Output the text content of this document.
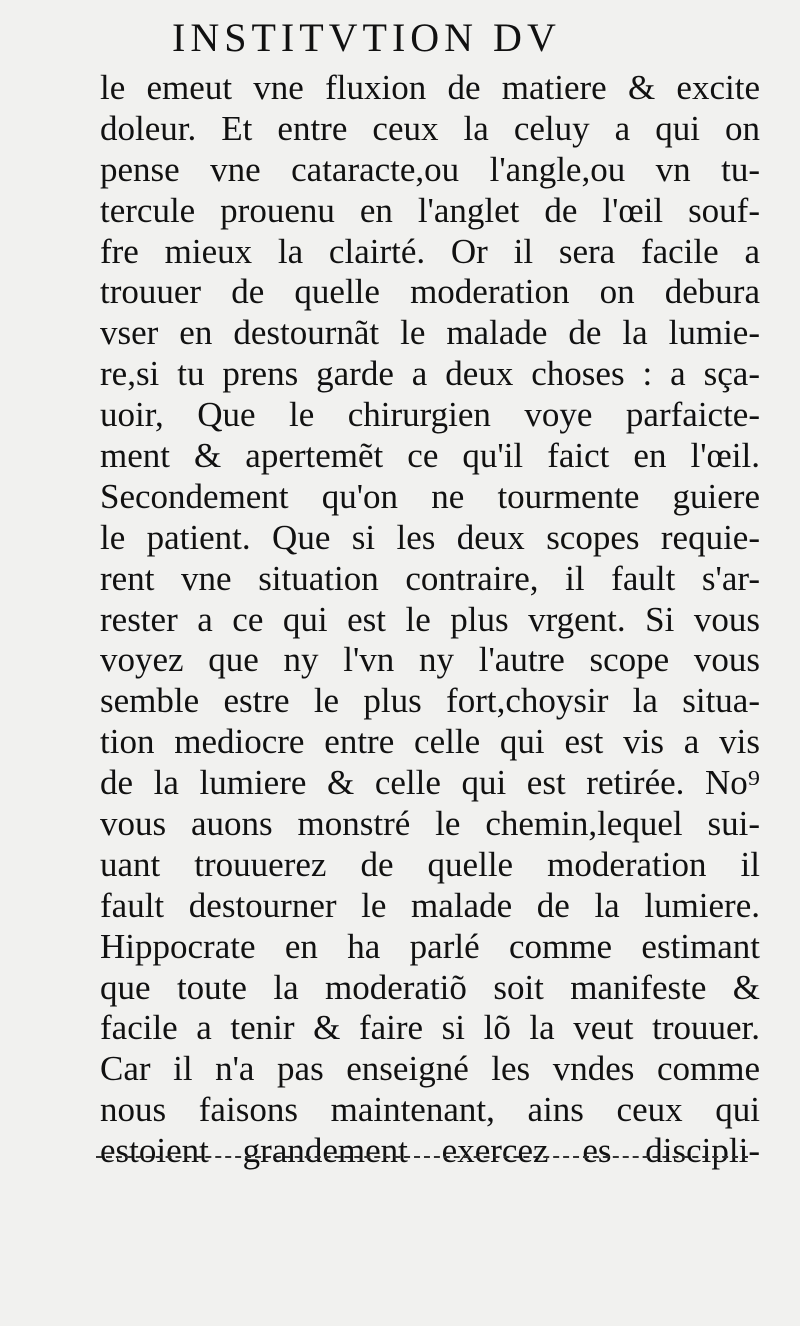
INSTITVTION DV
le emeut vne fluxion de matiere & excite
doleur. Et entre ceux la celuy a qui on
pense vne cataracte,ou l'angle,ou vn tu-
tercule prouenu en l'anglet de l'œil souf-
fre mieux la clairté. Or il sera facile a
trouuer de quelle moderation on debura
vser en destournãt le malade de la lumie-
re,si tu prens garde a deux choses : a sça-
uoir, Que le chirurgien voye parfaicte-
ment & apertemẽt ce qu'il faict en l'œil.
Secondement qu'on ne tourmente guiere
le patient. Que si les deux scopes requie-
rent vne situation contraire, il fault s'ar-
rester a ce qui est le plus vrgent. Si vous
voyez que ny l'vn ny l'autre scope vous
semble estre le plus fort,choysir la situa-
tion mediocre entre celle qui est vis a vis
de la lumiere & celle qui est retirée. No⁹
vous auons monstré le chemin,lequel sui-
uant trouuerez de quelle moderation il
fault destourner le malade de la lumiere.
Hippocrate en ha parlé comme estimant
que toute la moderatiõ soit manifeste &
facile a tenir & faire si lõ la veut trouuer.
Car il n'a pas enseigné les vndes comme
nous faisons maintenant, ains ceux qui
estoient grandement exercez es discipli-
